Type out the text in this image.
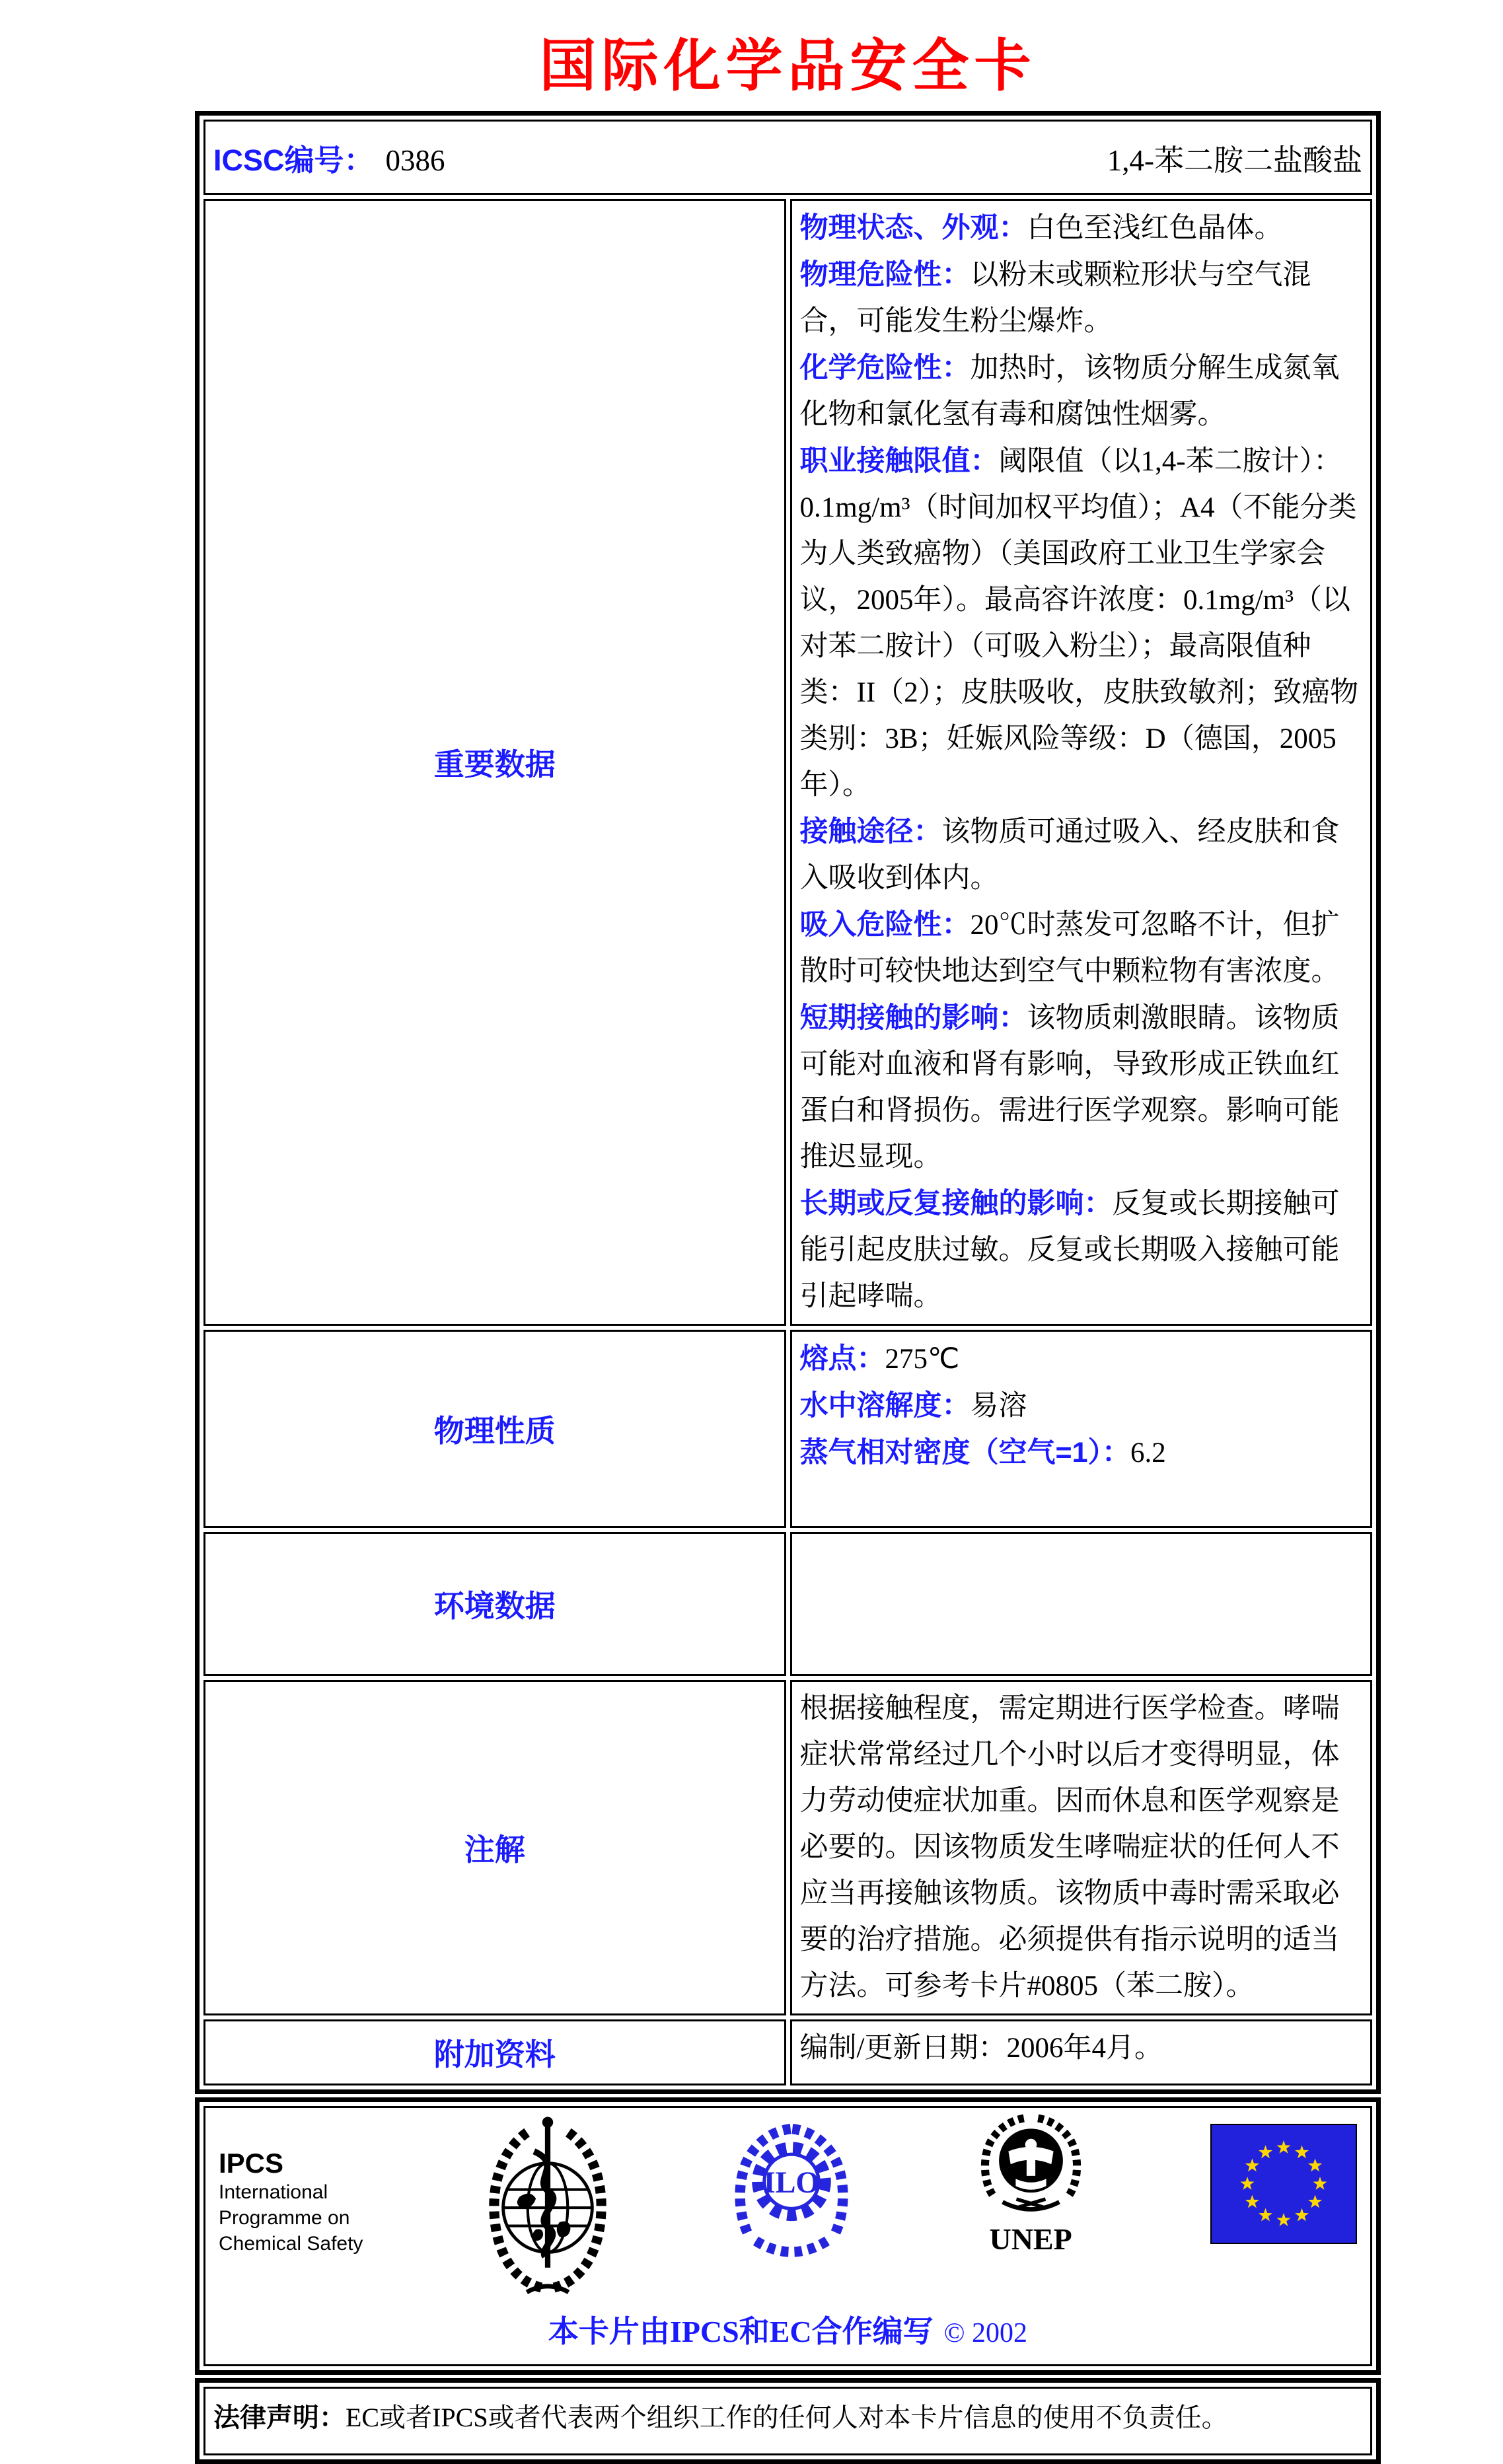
国际化学品安全卡
ICSC编号： 0386 1,4-苯二胺二盐酸盐	

重要数据	
物理状态、外观：白色至浅红色晶体。
物理危险性：以粉末或颗粒形状与空气混合，可能发生粉尘爆炸。
化学危险性：加热时，该物质分解生成氮氧化物和氯化氢有毒和腐蚀性烟雾。
职业接触限值：阈限值（以1,4-苯二胺计）：0.1mg/m³（时间加权平均值）；A4（不能分类为人类致癌物）（美国政府工业卫生学家会议，2005年）。最高容许浓度：0.1mg/m³（以对苯二胺计）（可吸入粉尘）；最高限值种类：II（2）；皮肤吸收，皮肤致敏剂；致癌物类别：3B；妊娠风险等级：D（德国，2005年）。
接触途径：该物质可通过吸入、经皮肤和食入吸收到体内。
吸入危险性：20℃时蒸发可忽略不计，但扩散时可较快地达到空气中颗粒物有害浓度。
短期接触的影响：该物质刺激眼睛。该物质可能对血液和肾有影响，导致形成正铁血红蛋白和肾损伤。需进行医学观察。影响可能推迟显现。
长期或反复接触的影响：反复或长期接触可能引起皮肤过敏。反复或长期吸入接触可能引起哮喘。

物理性质	熔点：275℃
水中溶解度：易溶
蒸气相对密度（空气=1）：6.2

环境数据	
注解	根据接触程度，需定期进行医学检查。哮喘症状常常经过几个小时以后才变得明显，体力劳动使症状加重。因而休息和医学观察是必要的。因该物质发生哮喘症状的任何人不应当再接触该物质。该物质中毒时需采取必要的治疗措施。必须提供有指示说明的适当方法。可参考卡片#0805（苯二胺）。

附加资料	编制/更新日期：2006年4月。
IPCS
International
Programme on
Chemical Safety
ILO
UNEP
本卡片由IPCS和EC合作编写 © 2002
法律声明：EC或者IPCS或者代表两个组织工作的任何人对本卡片信息的使用不负责任。
